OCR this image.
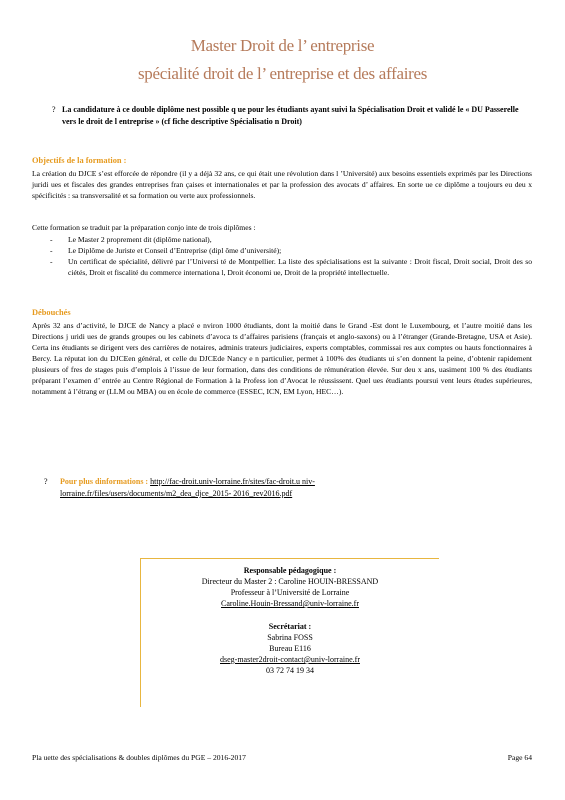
Master Droit de l’ entreprise
spécialité droit de l’ entreprise et des affaires
? La candidature à ce double diplôme nest possible q ue pour les étudiants ayant suivi la Spécialisation Droit et validé le « DU Passerelle vers le droit de l entreprise » (cf fiche descriptive Spécialisatio n Droit)
Objectifs de la formation :
La création du DJCE s’est efforcée de répondre (il y a déjà 32 ans, ce qui était une révolution dans l ’Université) aux besoins essentiels exprimés par les Directions juridi ues et fiscales des grandes entreprises fran çaises et internationales et par la profession des avocats d’ affaires. En sorte ue ce diplôme a toujours eu deu x spécificités : sa transversalité et sa formation ou verte aux professionnels.
Cette formation se traduit par la préparation conjo inte de trois diplômes :
- Le Master 2 proprement dit (diplôme national),
- Le Diplôme de Juriste et Conseil d’Entreprise (dipl ôme d’université);
- Un certificat de spécialité, délivré par l’Universi té de Montpellier. La liste des spécialisations est la suivante : Droit fiscal, Droit social, Droit des so ciétés, Droit et fiscalité du commerce internationa l, Droit économi ue, Droit de la propriété intellectuelle.
Débouchés
Après 32 ans d’activité, le DJCE de Nancy a placé e nviron 1000 étudiants, dont la moitié dans le Grand -Est dont le Luxembourg, et l’autre moitié dans les Directions j uridi ues de grands groupes ou les cabinets d’avoca ts d’affaires parisiens (français et anglo-saxons) ou à l’étranger (Grande-Bretagne, USA et Asie). Certa ins étudiants se dirigent vers des carrières de notaires, adminis trateurs judiciaires, experts comptables, commissai res aux comptes ou hauts fonctionnaires à Bercy. La réputat ion du DJCEen général, et celle du DJCEde Nancy e n particulier, permet à 100% des étudiants ui s’en donnent la peine, d’obtenir rapidement plusieurs of fres de stages puis d’emplois à l’issue de leur formation, dans des conditions de rémunération élevée. Sur deu x ans, uasiment 100 % des étudiants préparant l’examen d’ entrée au Centre Régional de Formation à la Profess ion d’Avocat le réussissent. Quel ues étudiants poursui vent leurs études supérieures, notamment à l’étrang er (LLM ou MBA) ou en école de commerce (ESSEC, ICN, EM Lyon, HEC…).
? Pour plus dinformations : http://fac-droit.univ-lorraine.fr/sites/fac-droit.u niv-
lorraine.fr/files/users/documents/m2_dea_djce_2015- 2016_rev2016.pdf
Responsable pédagogique :
Directeur du Master 2 : Caroline HOUIN-BRESSAND
Professeur à l’Université de Lorraine
Caroline.Houin-Bressand@univ-lorraine.fr
Secrétariat :
Sabrina FOSS
Bureau E116
dseg-master2droit-contact@univ-lorraine.fr
03 72 74 19 34
Pla uette des spécialisations & doubles diplômes du PGE – 2016-2017	Page 64
